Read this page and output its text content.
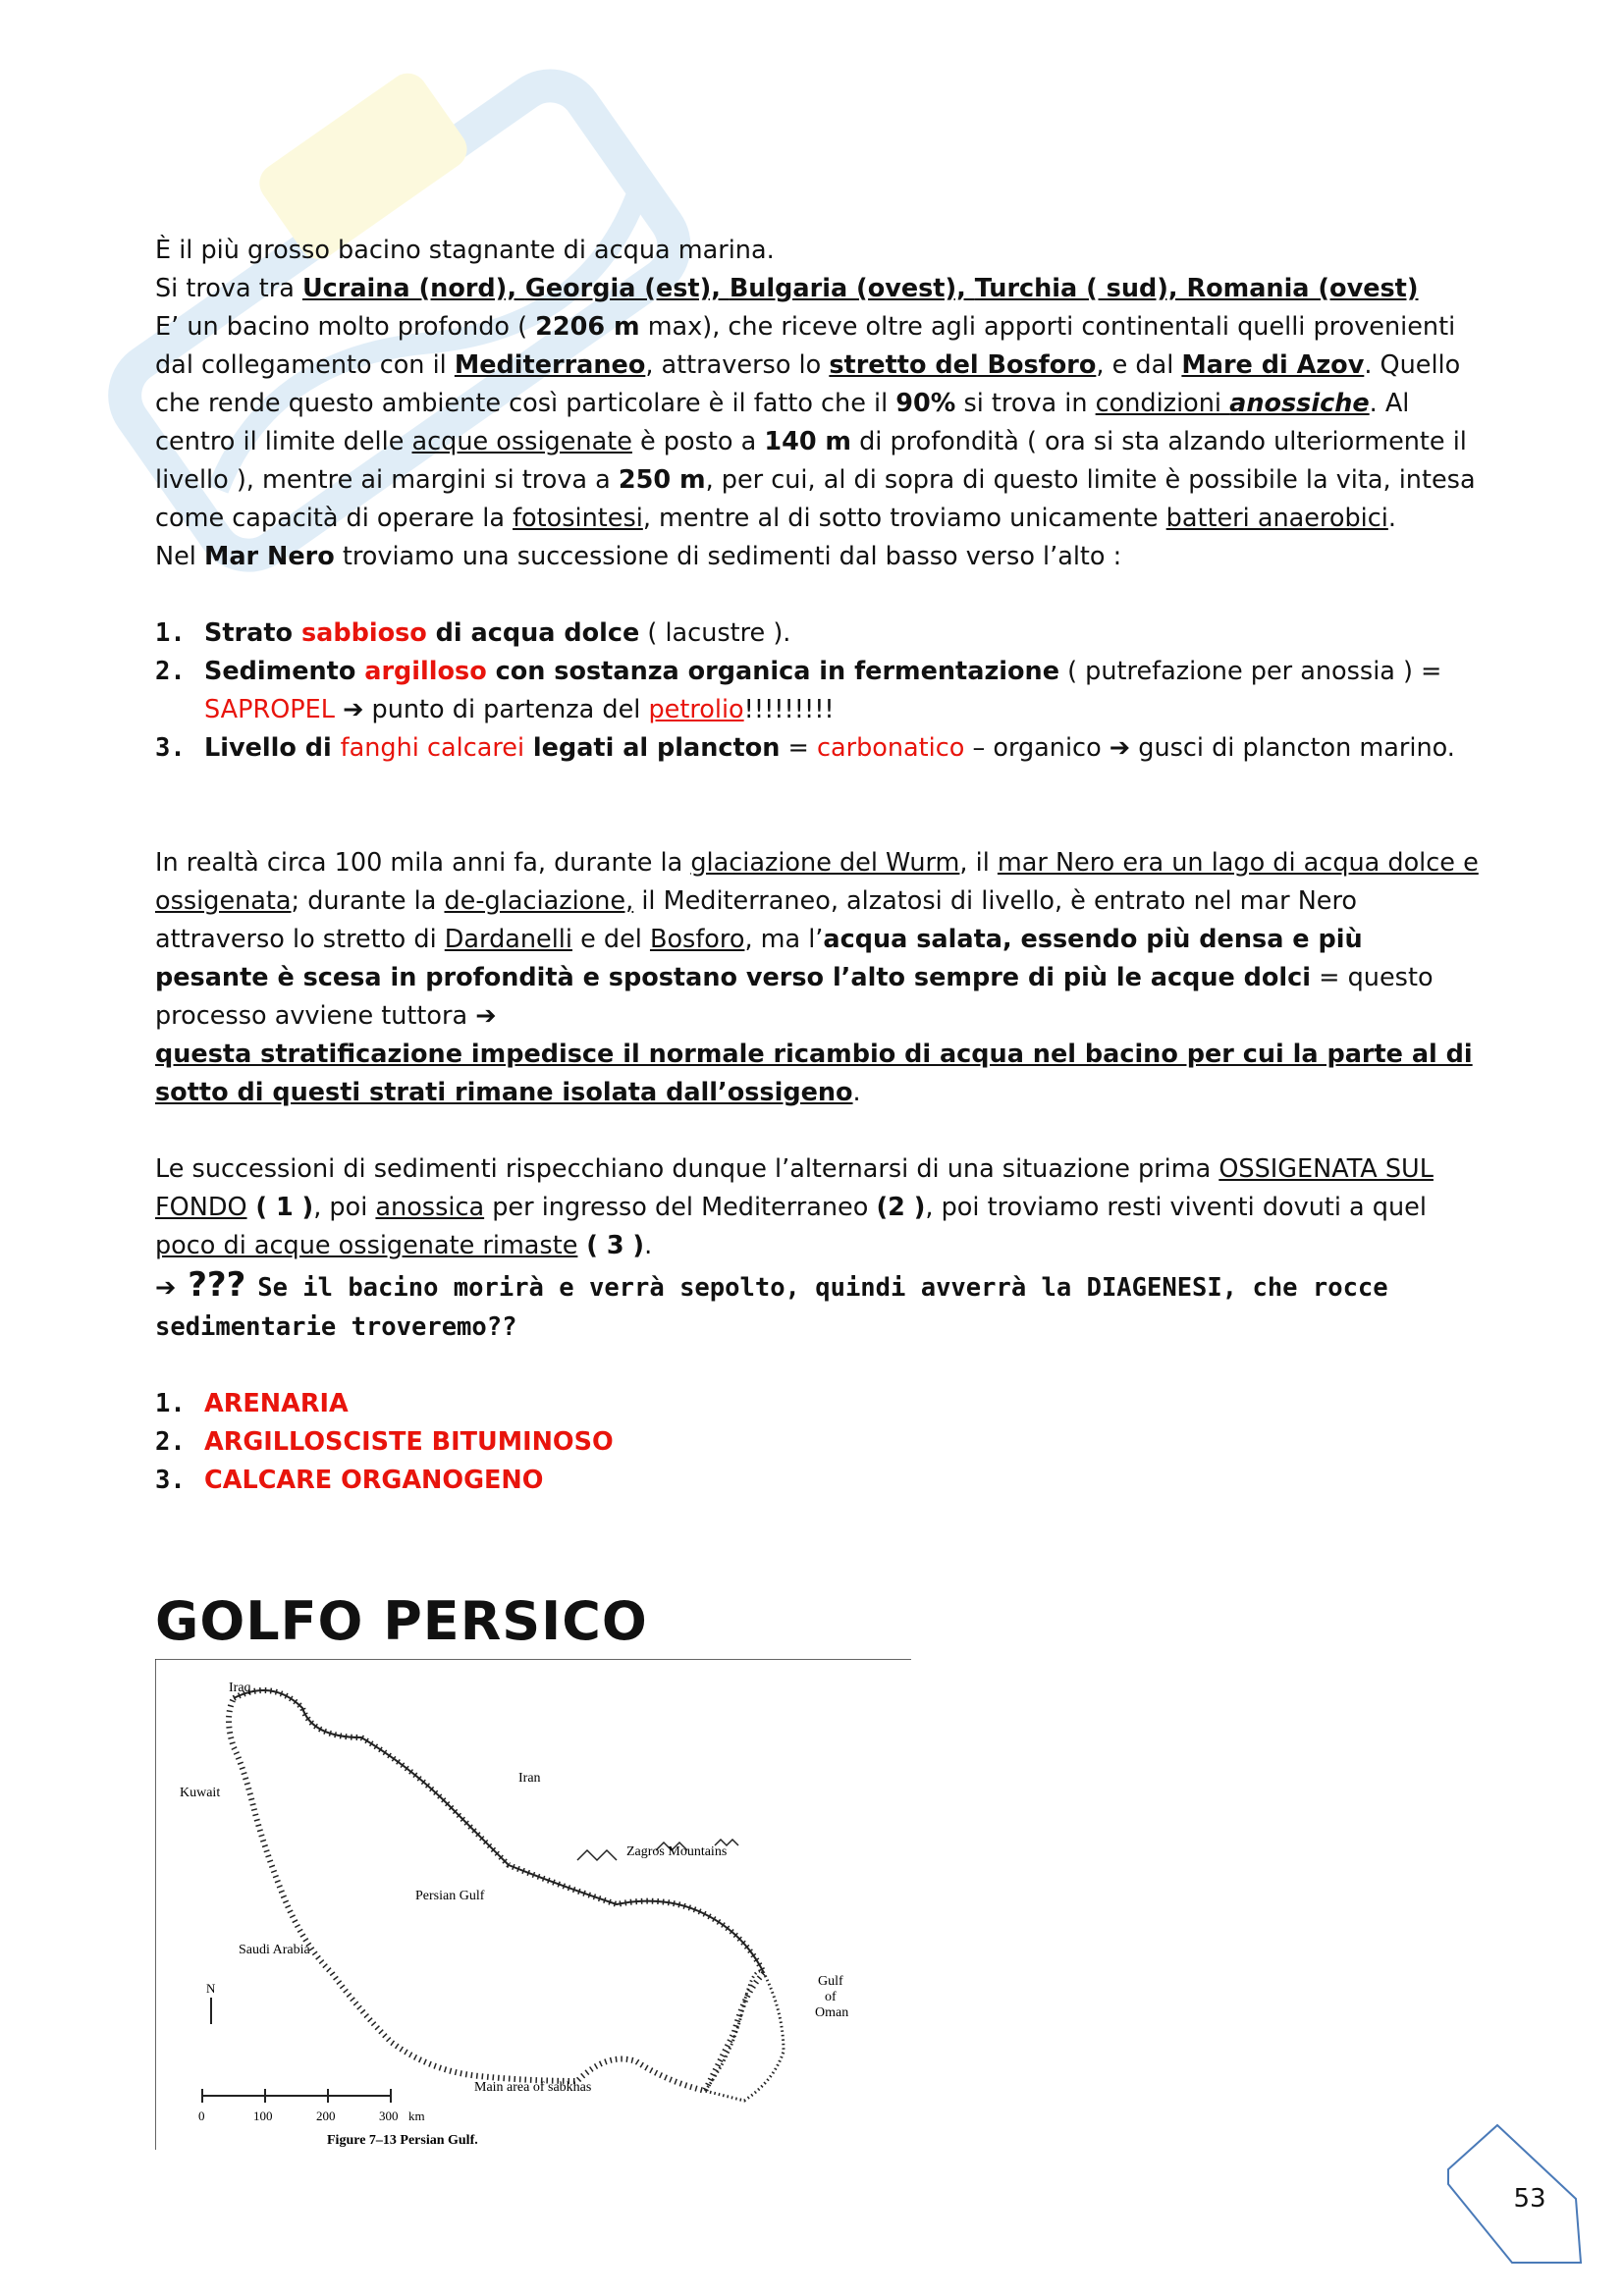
È il più grosso bacino stagnante di acqua marina.
Si trova tra Ucraina (nord), Georgia (est), Bulgaria (ovest), Turchia ( sud), Romania (ovest)
E’ un bacino molto profondo ( 2206 m max), che riceve oltre agli apporti continentali quelli provenienti dal collegamento con il Mediterraneo, attraverso lo stretto del Bosforo, e dal Mare di Azov. Quello che rende questo ambiente così particolare è il fatto che il 90% si trova in condizioni anossiche. Al centro il limite delle acque ossigenate è posto a 140 m di profondità ( ora si sta alzando ulteriormente il livello ), mentre ai margini si trova a 250 m, per cui, al di sopra di questo limite è possibile la vita, intesa come capacità di operare la fotosintesi, mentre al di sotto troviamo unicamente batteri anaerobici.
Nel Mar Nero troviamo una successione di sedimenti dal basso verso l’alto :

1. Strato sabbioso di acqua dolce ( lacustre ).
2. Sedimento argilloso con sostanza organica in fermentazione ( putrefazione per anossia ) =
SAPROPEL ➔ punto di partenza del petrolio!!!!!!!!!
3. Livello di fanghi calcarei legati al plancton = carbonatico – organico ➔ gusci di plancton marino.

In realtà circa 100 mila anni fa, durante la glaciazione del Wurm, il mar Nero era un lago di acqua dolce e ossigenata; durante la de-glaciazione, il Mediterraneo, alzatosi di livello, è entrato nel mar Nero attraverso lo stretto di Dardanelli e del Bosforo, ma l’acqua salata, essendo più densa e più pesante è scesa in profondità e spostano verso l’alto sempre di più le acque dolci = questo processo avviene tuttora ➔
questa stratificazione impedisce il normale ricambio di acqua nel bacino per cui la parte al di sotto di questi strati rimane isolata dall’ossigeno.

Le successioni di sedimenti rispecchiano dunque l’alternarsi di una situazione prima OSSIGENATA SUL FONDO ( 1 ), poi anossica per ingresso del Mediterraneo (2 ), poi troviamo resti viventi dovuti a quel poco di acque ossigenate rimaste ( 3 ).

➔ ??? Se il bacino morirà e verrà sepolto, quindi avverrà la DIAGENESI, che rocce sedimentarie troveremo??

1. ARENARIA
2. ARGILLOSCISTE BITUMINOSO
3. CALCARE ORGANOGENO
GOLFO PERSICO
Iraq
Kuwait
Iran
Zagros Mountains
Persian Gulf
Saudi Arabia
Gulf
of
Oman
Main area of sabkhas
N
0	100	200	300 km
Figure 7–13 Persian Gulf.
53
